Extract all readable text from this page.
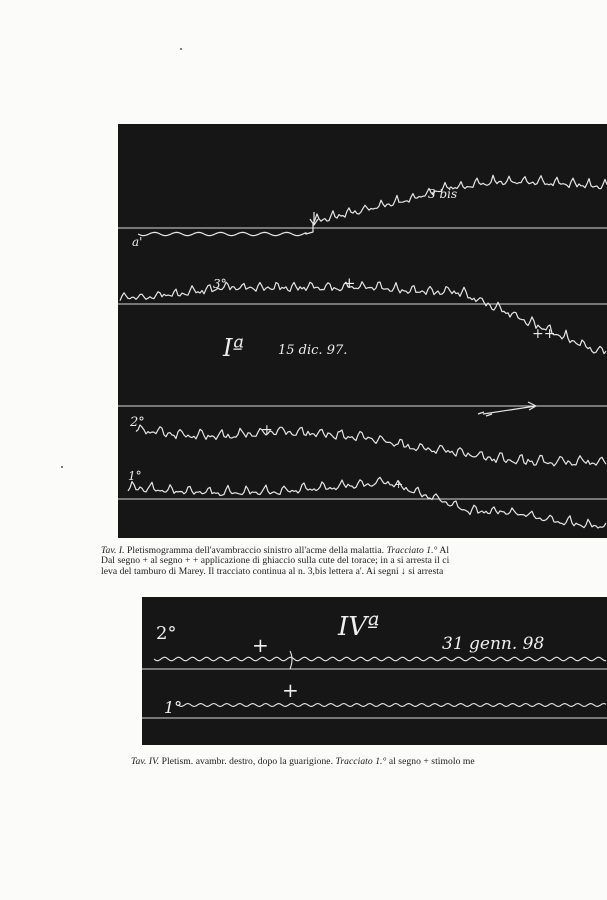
a'
3 bis
3°	+
Iª	15 dic. 97.
++
2°	+
1°
+
Tav. I. Pletismogramma dell'avambraccio sinistro all'acme della malattia. Tracciato 1.° Al
Dal segno + al segno + + applicazione di ghiaccio sulla cute del torace; in a si arresta il ci
leva del tamburo di Marey. Il tracciato continua al n. 3,bis lettera a'. Ai segni ↓ si arresta
2°	+
IVª
31 genn. 98
+
1°
Tav. IV. Pletism. avambr. destro, dopo la guarigione. Tracciato 1.° al segno + stimolo me
